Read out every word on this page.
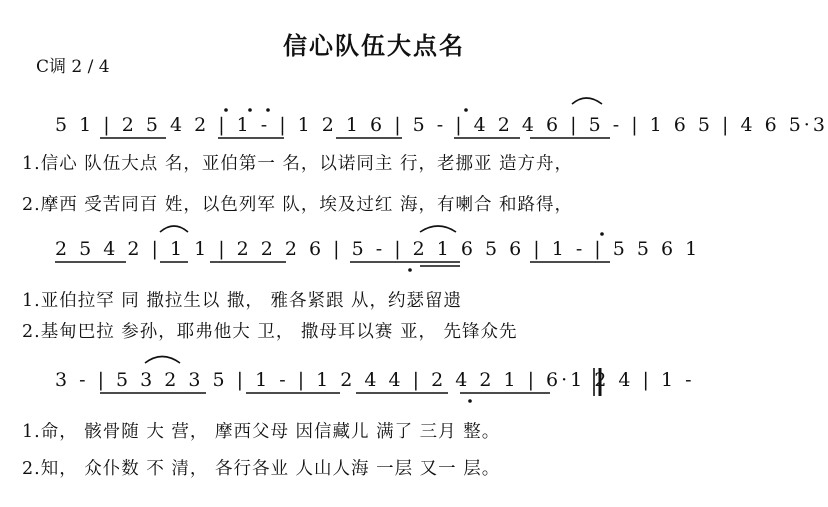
信心队伍大点名
C调 2 / 4
5 1 | 2 5 4 2 | 1 - | 1 2 1 6 | 5 - | 4 2 4 6 | 5 - | 1 6 5 | 4 6 5·3
1.信心 队伍大点 名，亚伯第一 名，以诺同主 行，老挪亚 造方舟，
2.摩西 受苦同百 姓，以色列军 队，埃及过红 海，有喇合 和路得，
2 5 4 2 | 1 1 | 2 2 2 6 | 5 - | 2 1 6 5 6 | 1 - | 5 5 6 1
1.亚伯拉罕 同 撒拉生以 撒， 雅各紧跟 从，约瑟留遗
2.基甸巴拉 参孙，耶弗他大 卫， 撒母耳以赛 亚， 先锋众先
3 - | 5 3 2 3 5 | 1 - | 1 2 4 4 | 2 4 2 1 | 6·1 2 4 | 1 -
1.命， 骸骨随 大 营， 摩西父母 因信藏儿 满了 三月 整。
2.知， 众仆数 不 清， 各行各业 人山人海 一层 又一 层。
